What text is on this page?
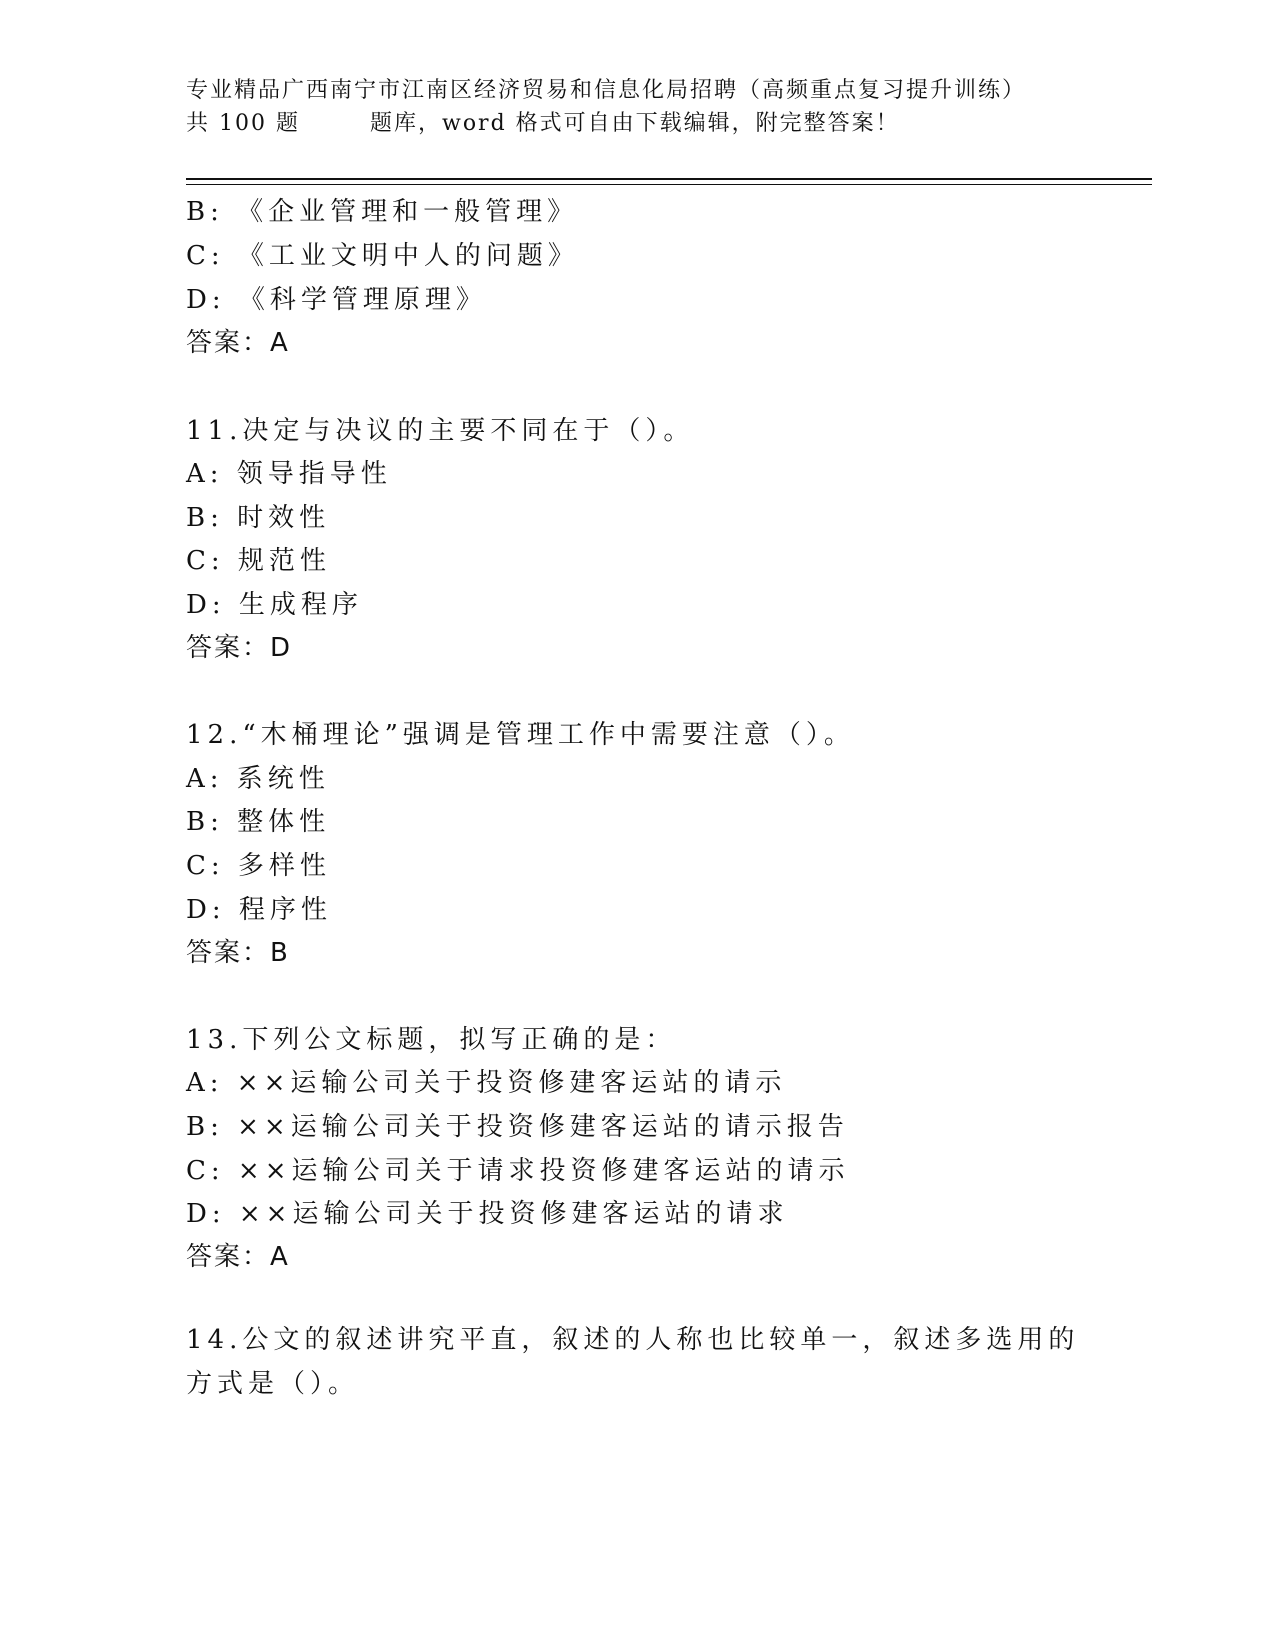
专业精品广西南宁市江南区经济贸易和信息化局招聘（高频重点复习提升训练）
共 100 题	题库，word 格式可自由下载编辑，附完整答案！
B: 《企业管理和一般管理》
C: 《工业文明中人的问题》
D: 《科学管理原理》
答案：A
11.决定与决议的主要不同在于（）。
A: 领导指导性
B: 时效性
C: 规范性
D: 生成程序
答案：D
12.“木桶理论”强调是管理工作中需要注意（）。
A: 系统性
B: 整体性
C: 多样性
D: 程序性
答案：B
13.下列公文标题，拟写正确的是：
A: ××运输公司关于投资修建客运站的请示
B: ××运输公司关于投资修建客运站的请示报告
C: ××运输公司关于请求投资修建客运站的请示
D: ××运输公司关于投资修建客运站的请求
答案：A
14.公文的叙述讲究平直，叙述的人称也比较单一，叙述多选用的方式是（）。
